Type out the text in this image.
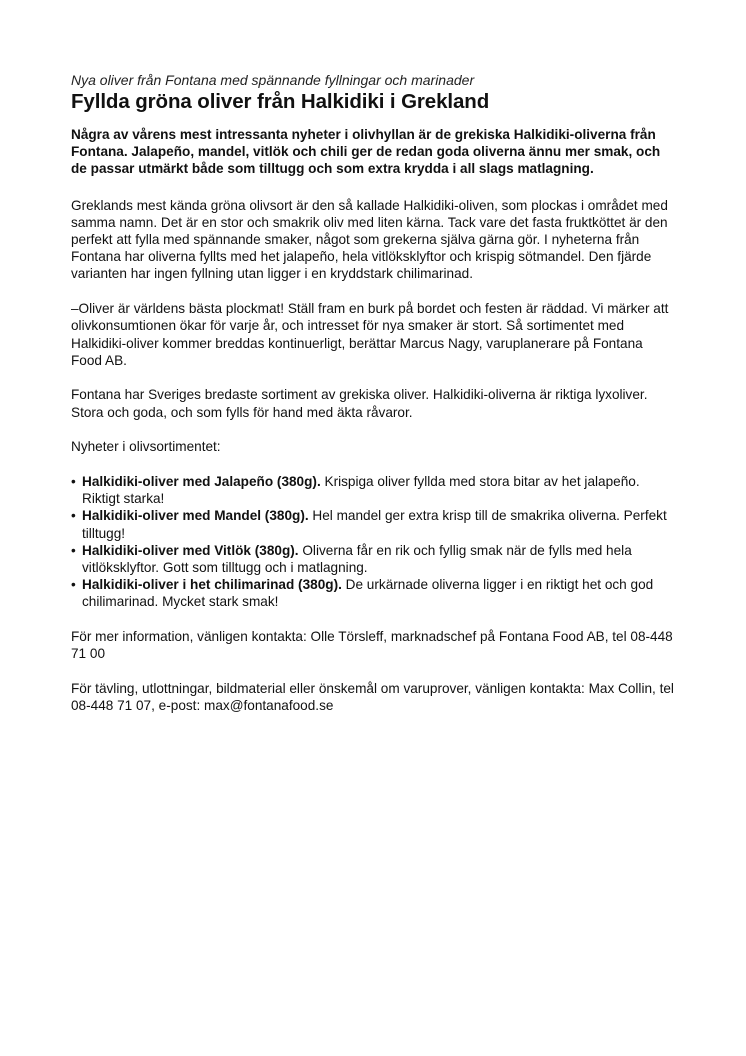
Nya oliver från Fontana med spännande fyllningar och marinader

Fyllda gröna oliver från Halkidiki i Grekland

Några av vårens mest intressanta nyheter i olivhyllan är de grekiska Halkidiki-oliverna från Fontana. Jalapeño, mandel, vitlök och chili ger de redan goda oliverna ännu mer smak, och de passar utmärkt både som tilltugg och som extra krydda i all slags matlagning.

Greklands mest kända gröna olivsort är den så kallade Halkidiki-oliven, som plockas i området med samma namn. Det är en stor och smakrik oliv med liten kärna. Tack vare det fasta fruktköttet är den perfekt att fylla med spännande smaker, något som grekerna själva gärna gör. I nyheterna från Fontana har oliverna fyllts med het jalapeño, hela vitlöksklyftor och krispig sötmandel. Den fjärde varianten har ingen fyllning utan ligger i en kryddstark chilimarinad.

–Oliver är världens bästa plockmat! Ställ fram en burk på bordet och festen är räddad. Vi märker att olivkonsumtionen ökar för varje år, och intresset för nya smaker är stort. Så sortimentet med Halkidiki-oliver kommer breddas kontinuerligt, berättar Marcus Nagy, varuplanerare på Fontana Food AB.

Fontana har Sveriges bredaste sortiment av grekiska oliver. Halkidiki-oliverna är riktiga lyxoliver. Stora och goda, och som fylls för hand med äkta råvaror.

Nyheter i olivsortimentet:

• Halkidiki-oliver med Jalapeño (380g). Krispiga oliver fyllda med stora bitar av het jalapeño. Riktigt starka!
• Halkidiki-oliver med Mandel (380g). Hel mandel ger extra krisp till de smakrika oliverna. Perfekt tilltugg!
• Halkidiki-oliver med Vitlök (380g). Oliverna får en rik och fyllig smak när de fylls med hela vitlöksklyftor. Gott som tilltugg och i matlagning.
• Halkidiki-oliver i het chilimarinad (380g). De urkärnade oliverna ligger i en riktigt het och god chilimarinad. Mycket stark smak!

För mer information, vänligen kontakta: Olle Törsleff, marknadschef på Fontana Food AB, tel 08-448 71 00

För tävling, utlottningar, bildmaterial eller önskemål om varuprover, vänligen kontakta: Max Collin, tel 08-448 71 07, e-post: max@fontanafood.se
